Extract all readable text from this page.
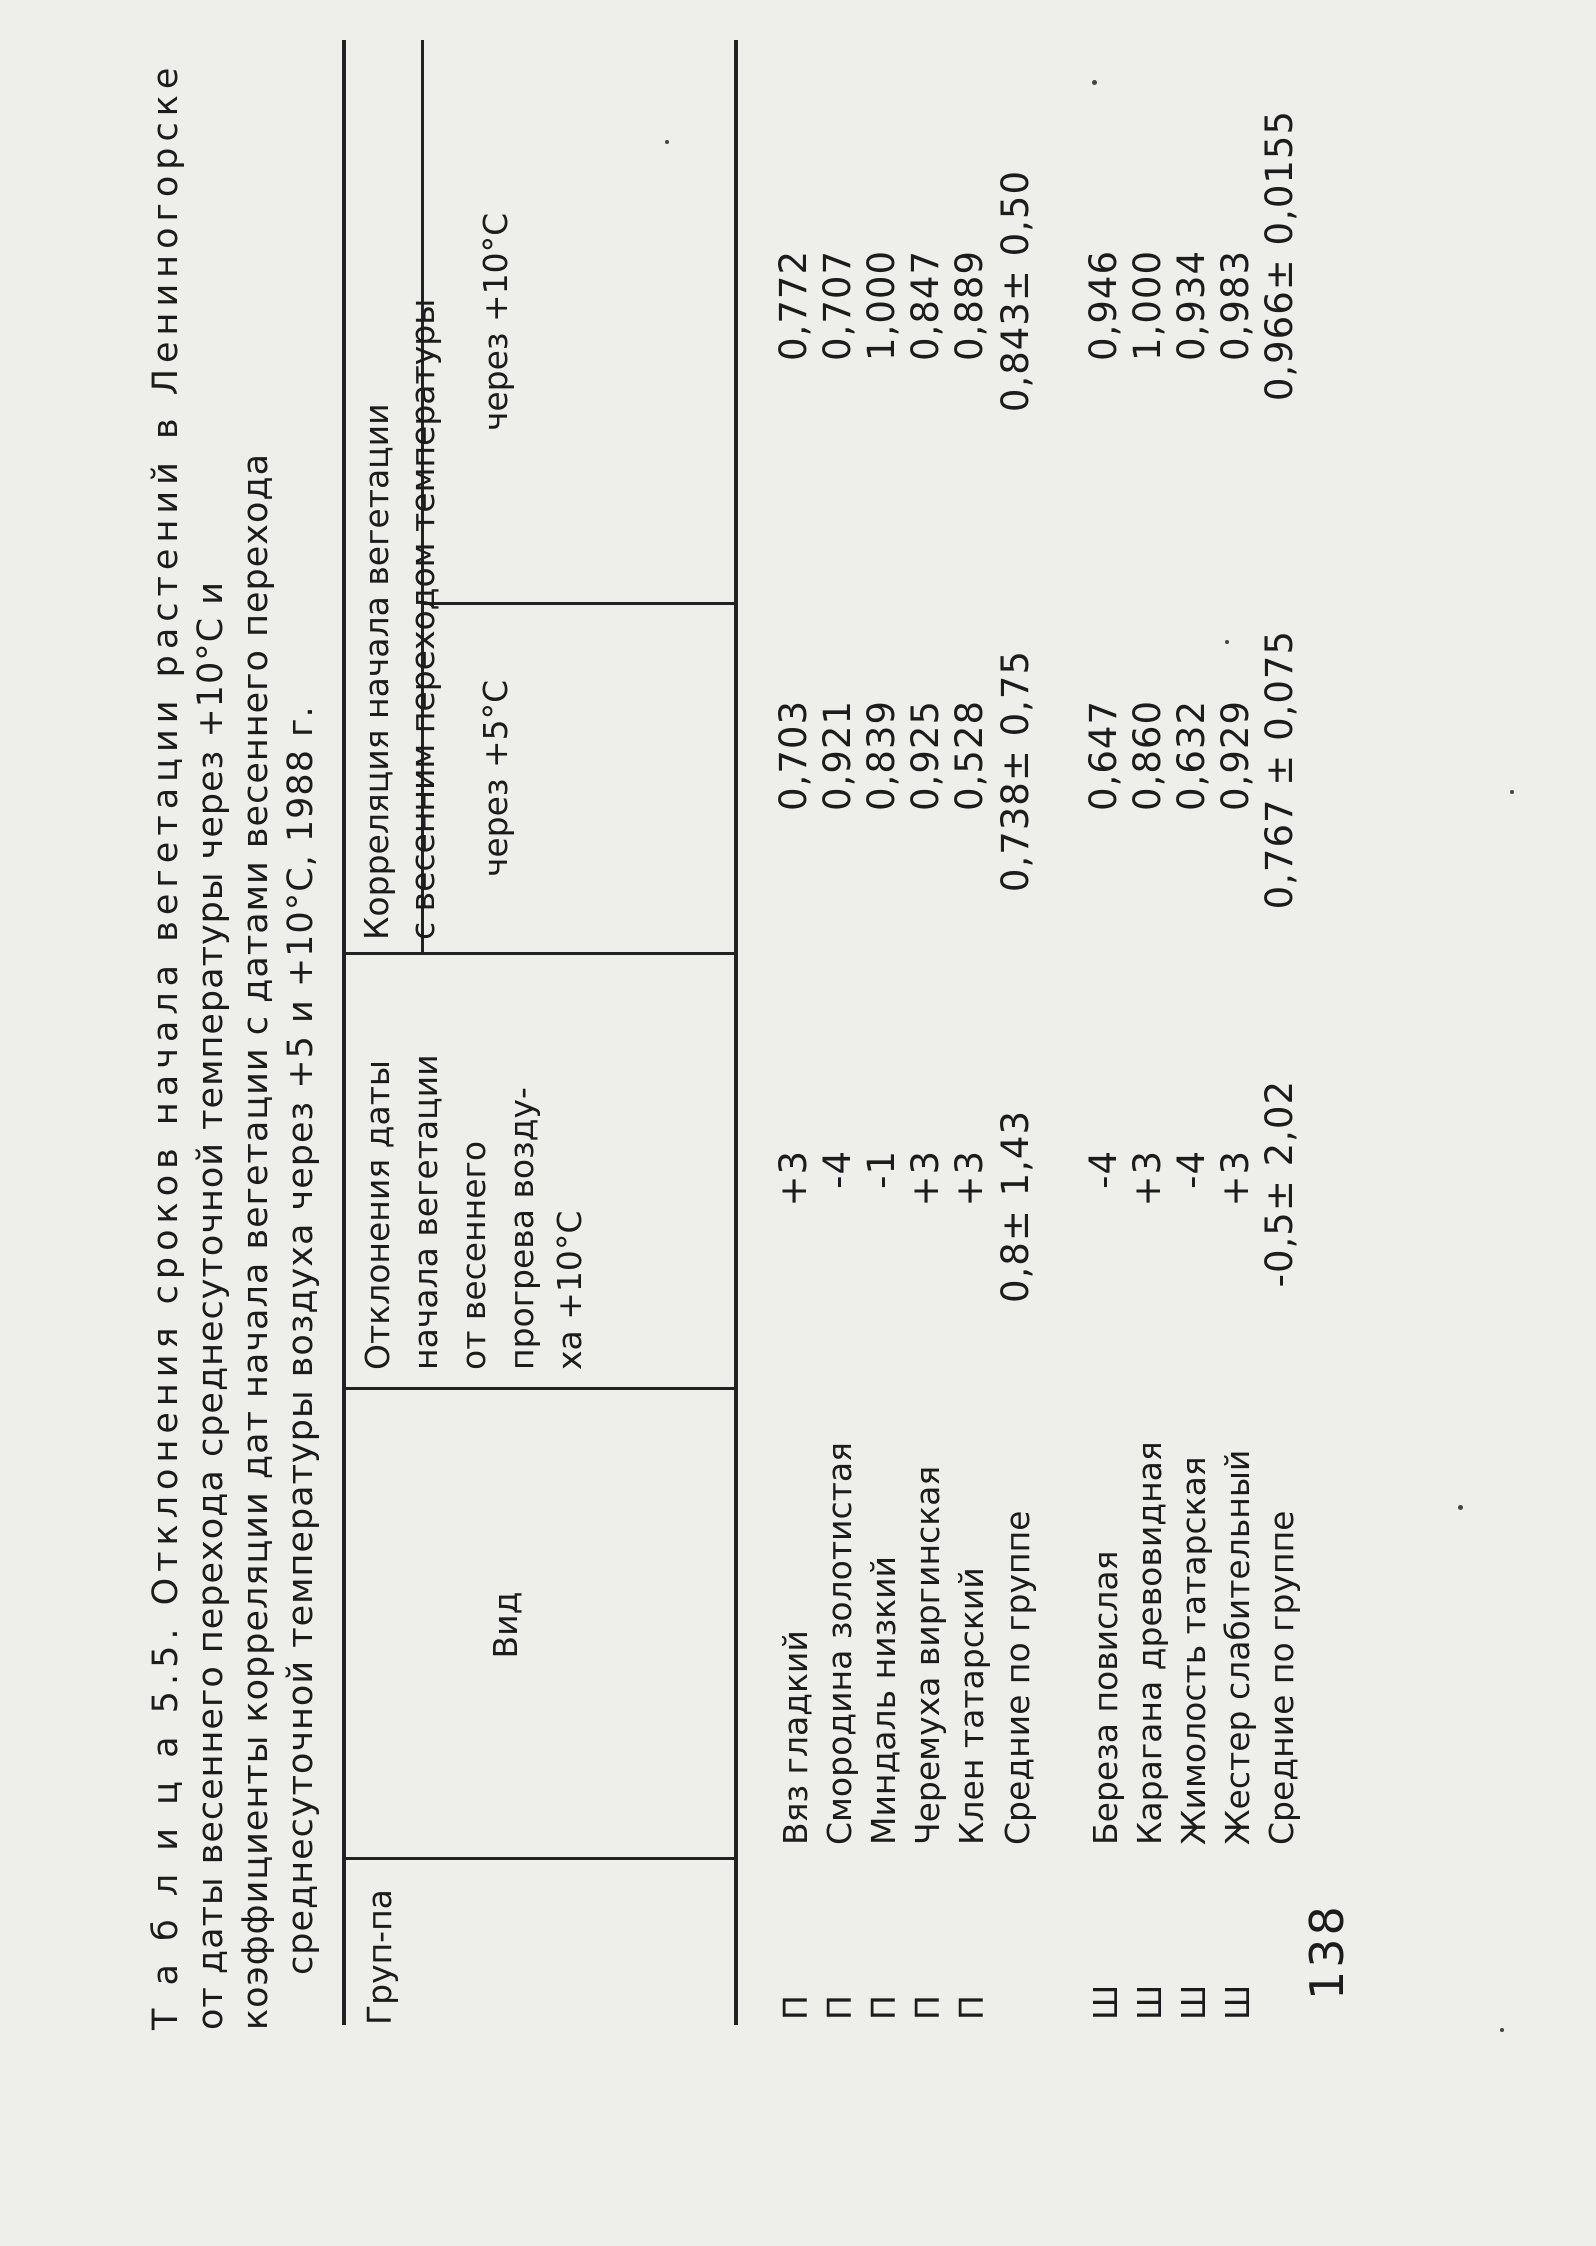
Т а б л и ц а 5.5. Отклонения сроков начала вегетации растений в Лениногорске от даты весеннего перехода среднесуточной температуры через +10°С и коэффициенты корреляции дат начала вегетации с датами весеннего перехода среднесуточной температуры воздуха через +5 и +10°С, 1988 г. Груп-па
Вид
Отклонения даты начала вегетации от весеннего прогрева возду- ха +10°С
Корреляция начала вегетации с весенним переходом температуры через +5°С
через +10°С
П
Вяз гладкий
+3
0,703
0,772
П
Смородина золотистая
-4
0,921
0,707
П
Миндаль низкий
-1
0,839
1,000
П
Черемуха виргинская
+3
0,925
0,847
П
Клен татарский
+3
0,528
0,889
Средние по группе
0,8± 1,43
0,738± 0,75
0,843± 0,50
Ш
Береза повислая
-4
0,647
0,946
Ш
Карагана древовидная
+3
0,860
1,000
Ш
Жимолость татарская
-4
0,632
0,934
Ш
Жестер слабительный
+3
0,929
0,983
Средние по группе
-0,5± 2,02
0,767 ± 0,075
0,966± 0,0155
138
